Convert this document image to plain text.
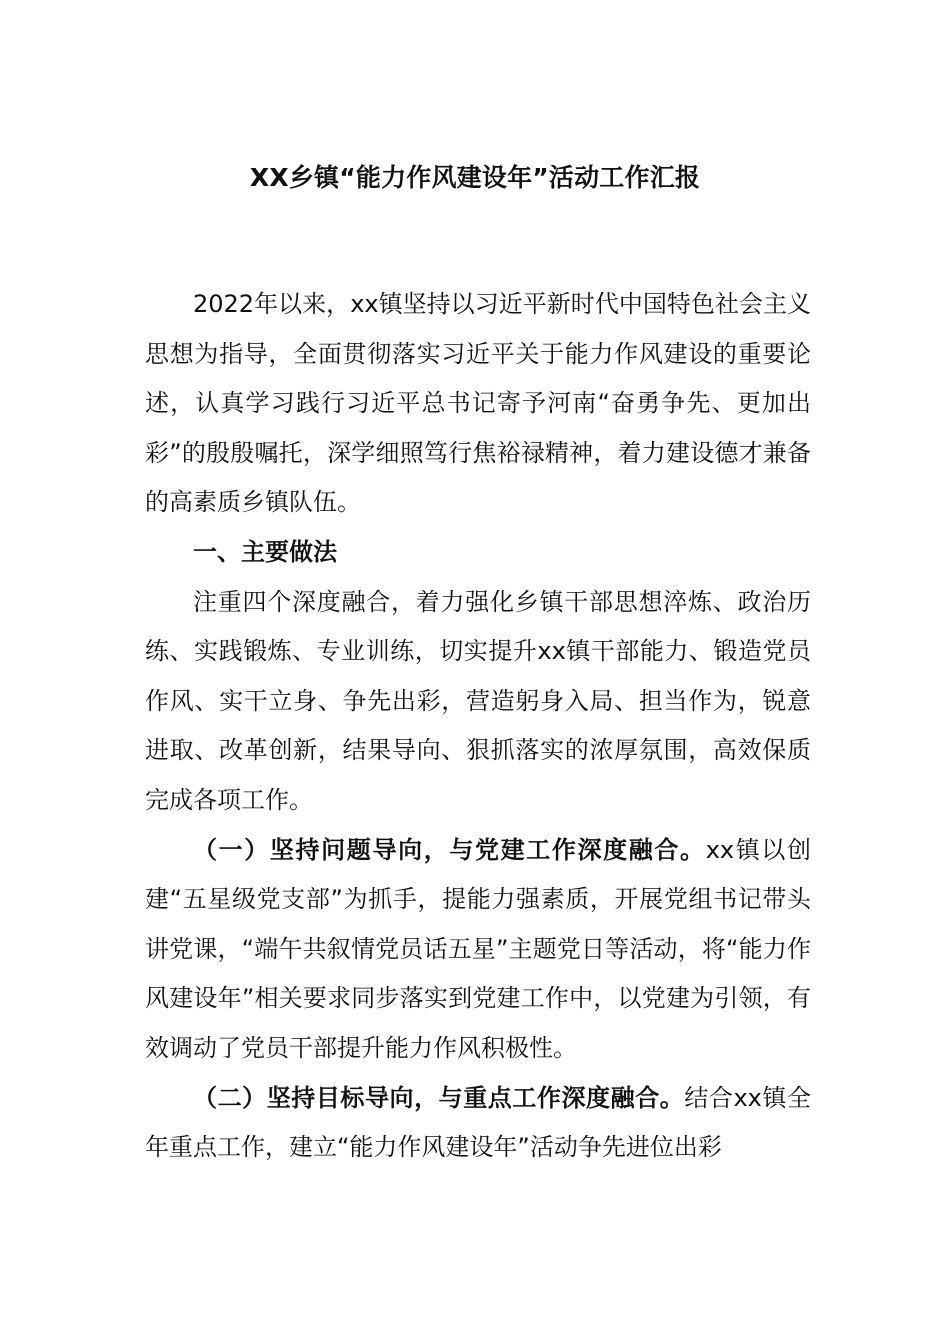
XX乡镇“能力作风建设年”活动工作汇报

2022年以来，xx镇坚持以习近平新时代中国特色社会主义思想为指导，全面贯彻落实习近平关于能力作风建设的重要论述，认真学习践行习近平总书记寄予河南“奋勇争先、更加出彩”的殷殷嘱托，深学细照笃行焦裕禄精神，着力建设德才兼备的高素质乡镇队伍。

一、主要做法

注重四个深度融合，着力强化乡镇干部思想淬炼、政治历练、实践锻炼、专业训练，切实提升xx镇干部能力、锻造党员作风、实干立身、争先出彩，营造躬身入局、担当作为，锐意进取、改革创新，结果导向、狠抓落实的浓厚氛围，高效保质完成各项工作。

（一）坚持问题导向，与党建工作深度融合。xx镇以创建“五星级党支部”为抓手，提能力强素质，开展党组书记带头讲党课，“端午共叙情党员话五星”主题党日等活动，将“能力作风建设年”相关要求同步落实到党建工作中，以党建为引领，有效调动了党员干部提升能力作风积极性。

（二）坚持目标导向，与重点工作深度融合。结合xx镇全年重点工作，建立“能力作风建设年”活动争先进位出彩
